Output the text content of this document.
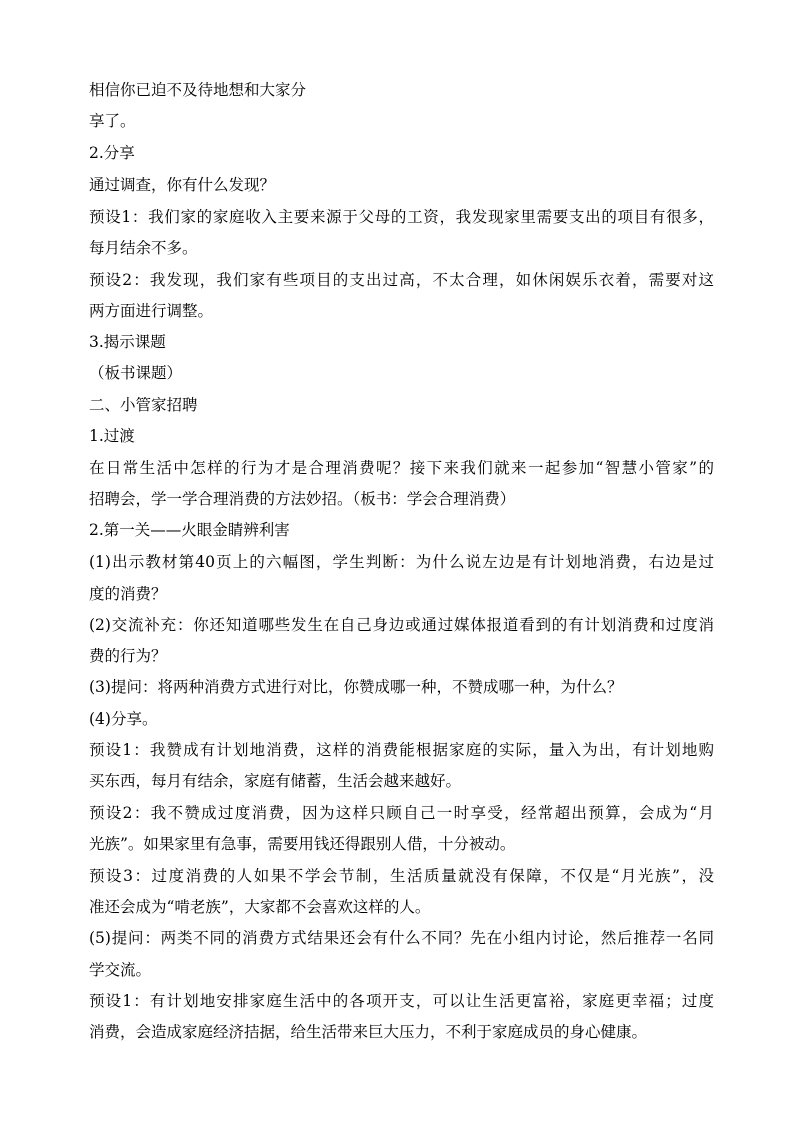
相信你已迫不及待地想和大家分
享了。
2.分享
通过调查，你有什么发现？
预设1：我们家的家庭收入主要来源于父母的工资，我发现家里需要支出的项目有很多，
每月结余不多。
预设2：我发现，我们家有些项目的支出过高，不太合理，如休闲娱乐衣着，需要对这
两方面进行调整。
3.揭示课题
（板书课题）
二、小管家招聘
1.过渡
在日常生活中怎样的行为才是合理消费呢？接下来我们就来一起参加“智慧小管家”的
招聘会，学一学合理消费的方法妙招。（板书：学会合理消费）
2.第一关——火眼金睛辨利害
(1)出示教材第40页上的六幅图，学生判断：为什么说左边是有计划地消费，右边是过
度的消费？
(2)交流补充：你还知道哪些发生在自己身边或通过媒体报道看到的有计划消费和过度消
费的行为？
(3)提问：将两种消费方式进行对比，你赞成哪一种，不赞成哪一种，为什么？
(4)分享。
预设1：我赞成有计划地消费，这样的消费能根据家庭的实际，量入为出，有计划地购
买东西，每月有结余，家庭有储蓄，生活会越来越好。
预设2：我不赞成过度消费，因为这样只顾自己一时享受，经常超出预算，会成为“月
光族”。如果家里有急事，需要用钱还得跟别人借，十分被动。
预设3：过度消费的人如果不学会节制，生活质量就没有保障，不仅是“月光族”，没
准还会成为“啃老族”，大家都不会喜欢这样的人。
(5)提问：两类不同的消费方式结果还会有什么不同？先在小组内讨论，然后推荐一名同
学交流。
预设1：有计划地安排家庭生活中的各项开支，可以让生活更富裕，家庭更幸福；过度
消费，会造成家庭经济拮据，给生活带来巨大压力，不利于家庭成员的身心健康。
